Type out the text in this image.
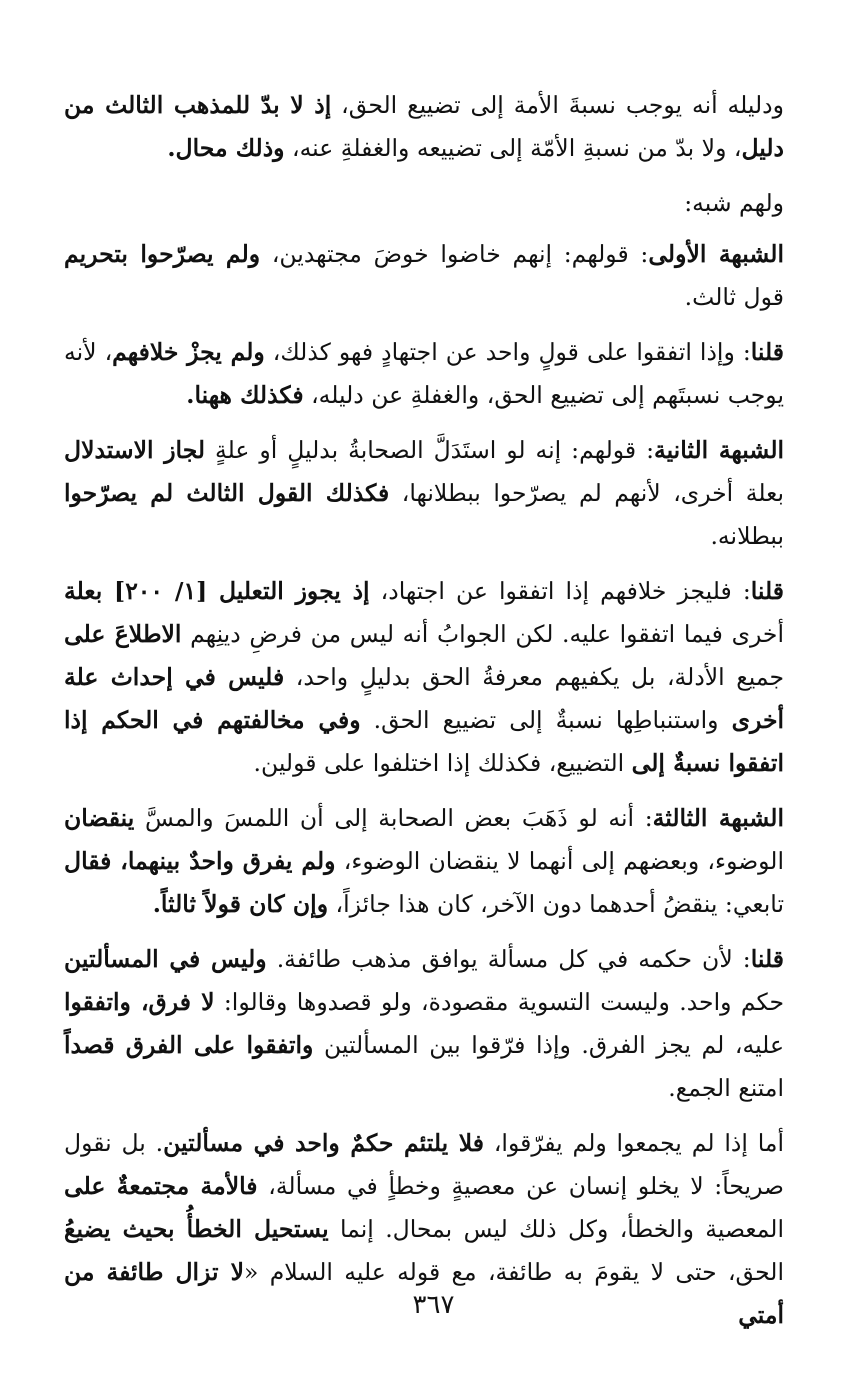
ودليله أنه يوجب نسبةَ الأمة إلى تضييع الحق، إذ لا بدّ للمذهب الثالث من دليل، ولا بدّ من نسبةِ الأمّة إلى تضييعه والغفلةِ عنه، وذلك محال.
ولهم شبه:
الشبهة الأولى: قولهم: إنهم خاضوا خوضَ مجتهدين، ولم يصرّحوا بتحريم قول ثالث.
قلنا: وإذا اتفقوا على قولٍ واحد عن اجتهادٍ فهو كذلك، ولم يجزْ خلافهم، لأنه يوجب نسبتَهم إلى تضييع الحق، والغفلةِ عن دليله، فكذلك ههنا.
الشبهة الثانية: قولهم: إنه لو استَدَلَّ الصحابةُ بدليلٍ أو علةٍ لجاز الاستدلال بعلة أخرى، لأنهم لم يصرّحوا ببطلانها، فكذلك القول الثالث لم يصرّحوا ببطلانه.
قلنا: فليجز خلافهم إذا اتفقوا عن اجتهاد، إذ يجوز التعليل [١/ ٢٠٠] بعلة أخرى فيما اتفقوا عليه. لكن الجوابُ أنه ليس من فرضِ دينِهم الاطلاعَ على جميع الأدلة، بل يكفيهم معرفةُ الحق بدليلٍ واحد، فليس في إحداث علة أخرى واستنباطِها نسبةٌ إلى تضييع الحق. وفي مخالفتهم في الحكم إذا اتفقوا نسبةٌ إلى التضييع، فكذلك إذا اختلفوا على قولين.
الشبهة الثالثة: أنه لو ذَهَبَ بعض الصحابة إلى أن اللمسَ والمسَّ ينقضان الوضوء، وبعضهم إلى أنهما لا ينقضان الوضوء، ولم يفرق واحدٌ بينهما، فقال تابعي: ينقضُ أحدهما دون الآخر، كان هذا جائزاً، وإن كان قولاً ثالثاً.
قلنا: لأن حكمه في كل مسألة يوافق مذهب طائفة. وليس في المسألتين حكم واحد. وليست التسوية مقصودة، ولو قصدوها وقالوا: لا فرق، واتفقوا عليه، لم يجز الفرق. وإذا فرّقوا بين المسألتين واتفقوا على الفرق قصداً امتنع الجمع.
أما إذا لم يجمعوا ولم يفرّقوا، فلا يلتئم حكمٌ واحد في مسألتين. بل نقول صريحاً: لا يخلو إنسان عن معصيةٍ وخطأٍ في مسألة، فالأمة مجتمعةٌ على المعصية والخطأ، وكل ذلك ليس بمحال. إنما يستحيل الخطأُ بحيث يضيعُ الحق، حتى لا يقومَ به طائفة، مع قوله عليه السلام «لا تزال طائفة من أمتي
٣٦٧
